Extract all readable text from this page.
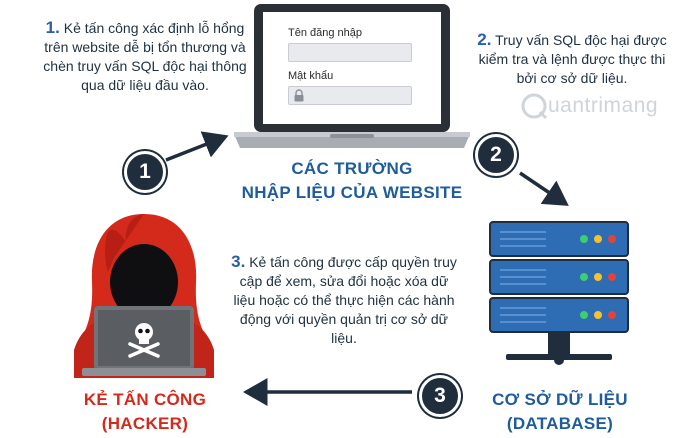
1. Kẻ tấn công xác định lỗ hổng trên website dễ bị tổn thương và chèn truy vấn SQL độc hại thông qua dữ liệu đầu vào.
2. Truy vấn SQL độc hại được kiểm tra và lệnh được thực thi bởi cơ sở dữ liệu.
3. Kẻ tấn công được cấp quyền truy cập để xem, sửa đổi hoặc xóa dữ liệu hoặc có thể thực hiện các hành động với quyền quản trị cơ sở dữ liệu.
uantrimang
Tên đăng nhập
Mật khẩu
CÁC TRƯỜNG
NHẬP LIỆU CỦA WEBSITE
1
2
3	CƠ SỞ DỮ LIỆU
(DATABASE)
KẺ TẤN CÔNG
(HACKER)
